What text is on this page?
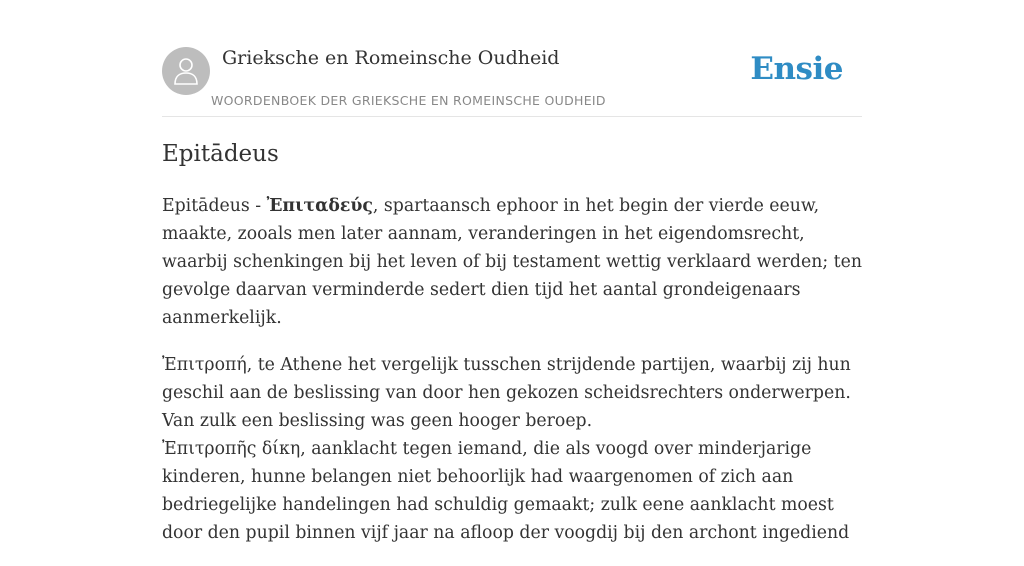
Grieksche en Romeinsche Oudheid
WOORDENBOEK DER GRIEKSCHE EN ROMEINSCHE OUDHEID
Ensie
Epitādeus

Epitādeus - Ἐπιταδεύς, spartaansch ephoor in het begin der vierde eeuw, maakte, zooals men later aannam, veranderingen in het eigendomsrecht, waarbij schenkingen bij het leven of bij testament wettig verklaard werden; ten gevolge daarvan verminderde sedert dien tijd het aantal grondeigenaars aanmerkelijk.

Ἐπιτροπή, te Athene het vergelijk tusschen strijdende partijen, waarbij zij hun geschil aan de beslissing van door hen gekozen scheidsrechters onderwerpen. Van zulk een beslissing was geen hooger beroep.
Ἐπιτροπῆς δίκη, aanklacht tegen iemand, die als voogd over minderjarige kinderen, hunne belangen niet behoorlijk had waargenomen of zich aan bedriegelijke handelingen had schuldig gemaakt; zulk eene aanklacht moest door den pupil binnen vijf jaar na afloop der voogdij bij den archont ingediend
